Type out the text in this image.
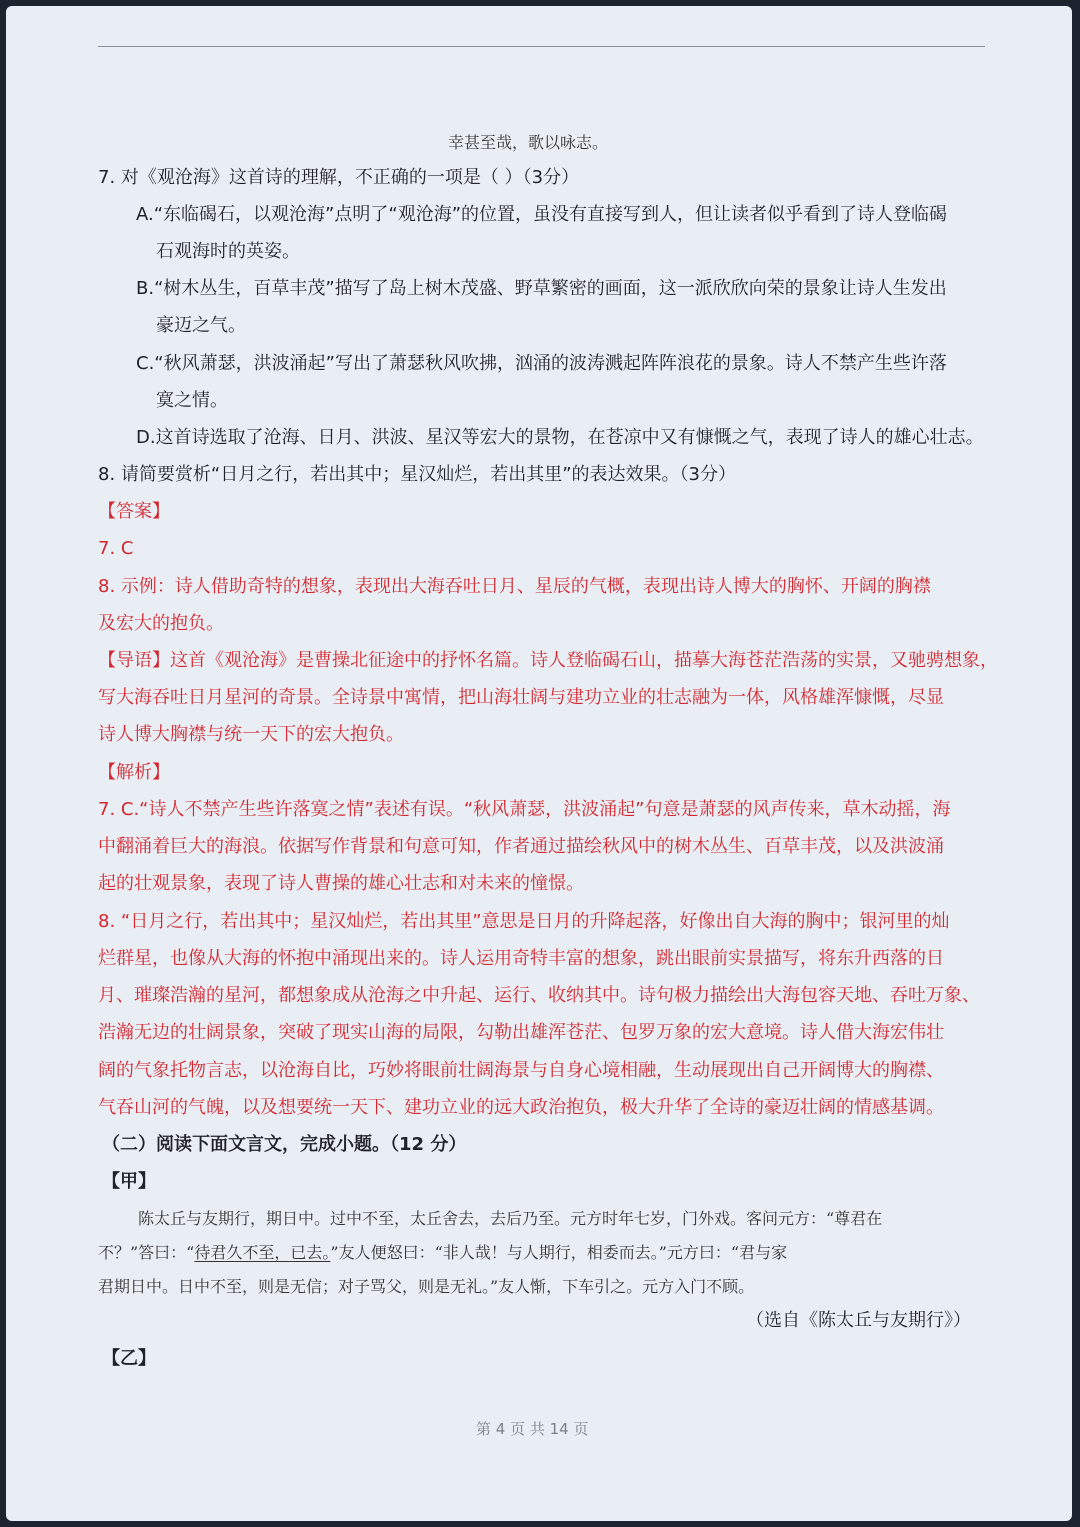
幸甚至哉，歌以咏志。
7. 对《观沧海》这首诗的理解，不正确的一项是（ ）（3分）
A.“东临碣石，以观沧海”点明了“观沧海”的位置，虽没有直接写到人，但让读者似乎看到了诗人登临碣
石观海时的英姿。
B.“树木丛生，百草丰茂”描写了岛上树木茂盛、野草繁密的画面，这一派欣欣向荣的景象让诗人生发出
豪迈之气。
C.“秋风萧瑟，洪波涌起”写出了萧瑟秋风吹拂，汹涌的波涛溅起阵阵浪花的景象。诗人不禁产生些许落
寞之情。
D.这首诗选取了沧海、日月、洪波、星汉等宏大的景物，在苍凉中又有慷慨之气，表现了诗人的雄心壮志。
8. 请简要赏析“日月之行，若出其中；星汉灿烂，若出其里”的表达效果。（3分）
【答案】
7. C
8. 示例：诗人借助奇特的想象，表现出大海吞吐日月、星辰的气概，表现出诗人博大的胸怀、开阔的胸襟
及宏大的抱负。
【导语】这首《观沧海》是曹操北征途中的抒怀名篇。诗人登临碣石山，描摹大海苍茫浩荡的实景，又驰骋想象，
写大海吞吐日月星河的奇景。全诗景中寓情，把山海壮阔与建功立业的壮志融为一体，风格雄浑慷慨，尽显
诗人博大胸襟与统一天下的宏大抱负。
【解析】
7. C.“诗人不禁产生些许落寞之情”表述有误。“秋风萧瑟，洪波涌起”句意是萧瑟的风声传来，草木动摇，海
中翻涌着巨大的海浪。依据写作背景和句意可知，作者通过描绘秋风中的树木丛生、百草丰茂，以及洪波涌
起的壮观景象，表现了诗人曹操的雄心壮志和对未来的憧憬。
8. “日月之行，若出其中；星汉灿烂，若出其里”意思是日月的升降起落，好像出自大海的胸中；银河里的灿
烂群星，也像从大海的怀抱中涌现出来的。诗人运用奇特丰富的想象，跳出眼前实景描写，将东升西落的日
月、璀璨浩瀚的星河，都想象成从沧海之中升起、运行、收纳其中。诗句极力描绘出大海包容天地、吞吐万象、
浩瀚无边的壮阔景象，突破了现实山海的局限，勾勒出雄浑苍茫、包罗万象的宏大意境。诗人借大海宏伟壮
阔的气象托物言志，以沧海自比，巧妙将眼前壮阔海景与自身心境相融，生动展现出自己开阔博大的胸襟、
气吞山河的气魄，以及想要统一天下、建功立业的远大政治抱负，极大升华了全诗的豪迈壮阔的情感基调。
（二）阅读下面文言文，完成小题。（12 分）
【甲】
陈太丘与友期行，期日中。过中不至，太丘舍去，去后乃至。元方时年七岁，门外戏。客问元方：“尊君在
不？”答曰：“待君久不至，已去。”友人便怒曰：“非人哉！与人期行，相委而去。”元方曰：“君与家
君期日中。日中不至，则是无信；对子骂父，则是无礼。”友人惭，下车引之。元方入门不顾。
（选自《陈太丘与友期行》）
【乙】
第 4 页 共 14 页
